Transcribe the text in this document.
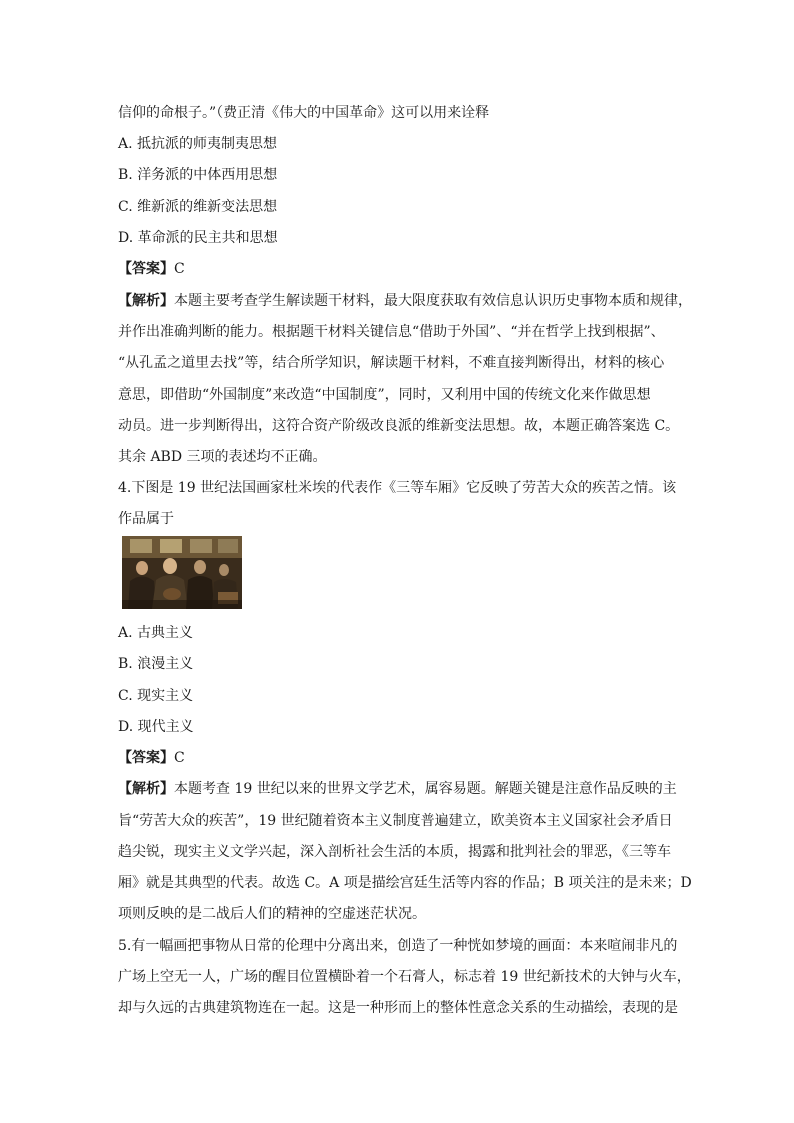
信仰的命根子。”（费正清《伟大的中国革命》这可以用来诠释
A. 抵抗派的师夷制夷思想
B. 洋务派的中体西用思想
C. 维新派的维新变法思想
D. 革命派的民主共和思想
【答案】C
【解析】本题主要考查学生解读题干材料，最大限度获取有效信息认识历史事物本质和规律，
并作出准确判断的能力。根据题干材料关键信息“借助于外国”、“并在哲学上找到根据”、
“从孔孟之道里去找”等，结合所学知识，解读题干材料，不难直接判断得出，材料的核心
意思，即借助“外国制度”来改造“中国制度”，同时，又利用中国的传统文化来作做思想
动员。进一步判断得出，这符合资产阶级改良派的维新变法思想。故，本题正确答案选 C。
其余 ABD 三项的表述均不正确。
4.下图是 19 世纪法国画家杜米埃的代表作《三等车厢》它反映了劳苦大众的疾苦之情。该
作品属于
A. 古典主义
B. 浪漫主义
C. 现实主义
D. 现代主义
【答案】C
【解析】本题考查 19 世纪以来的世界文学艺术，属容易题。解题关键是注意作品反映的主
旨“劳苦大众的疾苦”，19 世纪随着资本主义制度普遍建立，欧美资本主义国家社会矛盾日
趋尖锐，现实主义文学兴起，深入剖析社会生活的本质，揭露和批判社会的罪恶，《三等车
厢》就是其典型的代表。故选 C。A 项是描绘宫廷生活等内容的作品；B 项关注的是未来；D
项则反映的是二战后人们的精神的空虚迷茫状况。
5.有一幅画把事物从日常的伦理中分离出来，创造了一种恍如梦境的画面：本来喧闹非凡的
广场上空无一人，广场的醒目位置横卧着一个石膏人，标志着 19 世纪新技术的大钟与火车，
却与久远的古典建筑物连在一起。这是一种形而上的整体性意念关系的生动描绘，表现的是
